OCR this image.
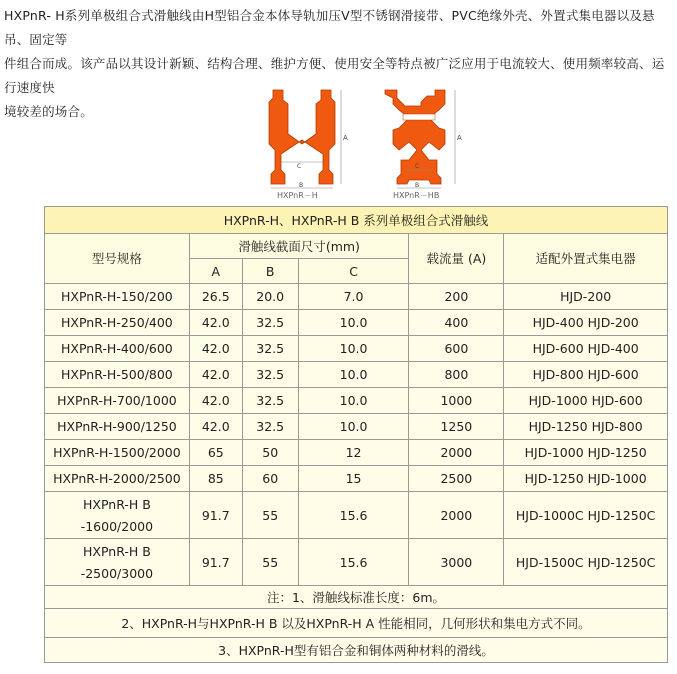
HXPnR- H系列单极组合式滑触线由H型铝合金本体导轨加压V型不锈钢滑接带、PVC绝缘外壳、外置式集电器以及悬吊、固定等
件组合而成。该产品以其设计新颖、结构合理、维护方便、使用安全等特点被广泛应用于电流较大、使用频率较高、运行速度快
境较差的场合。
A
C
B
HXPnR－H
A
C
B
HXPnR－HB
HXPnR-H、HXPnR-H B 系列单极组合式滑触线					
型号规格	滑触线截面尺寸(mm)			载流量 (A)	适配外置式集电器
	A	B	C		
HXPnR-H-150/200	26.5	20.0	7.0	200	HJD-200
HXPnR-H-250/400	42.0	32.5	10.0	400	HJD-400 HJD-200
HXPnR-H-400/600	42.0	32.5	10.0	600	HJD-600 HJD-400
HXPnR-H-500/800	42.0	32.5	10.0	800	HJD-800 HJD-600
HXPnR-H-700/1000	42.0	32.5	10.0	1000	HJD-1000 HJD-600
HXPnR-H-900/1250	42.0	32.5	10.0	1250	HJD-1250 HJD-800
HXPnR-H-1500/2000	65	50	12	2000	HJD-1000 HJD-1250
HXPnR-H-2000/2500	85	60	15	2500	HJD-1250 HJD-1000

HXPnR-H B
-1600/2000	91.7	55	15.6	2000	HJD-1000C HJD-1250C

HXPnR-H B
-2500/3000	91.7	55	15.6	3000	HJD-1500C HJD-1250C
注：1、滑触线标准长度：6m。					
2、HXPnR-H与HXPnR-H B 以及HXPnR-H A 性能相同，几何形状和集电方式不同。					
3、HXPnR-H型有铝合金和铜体两种材料的滑线。					
